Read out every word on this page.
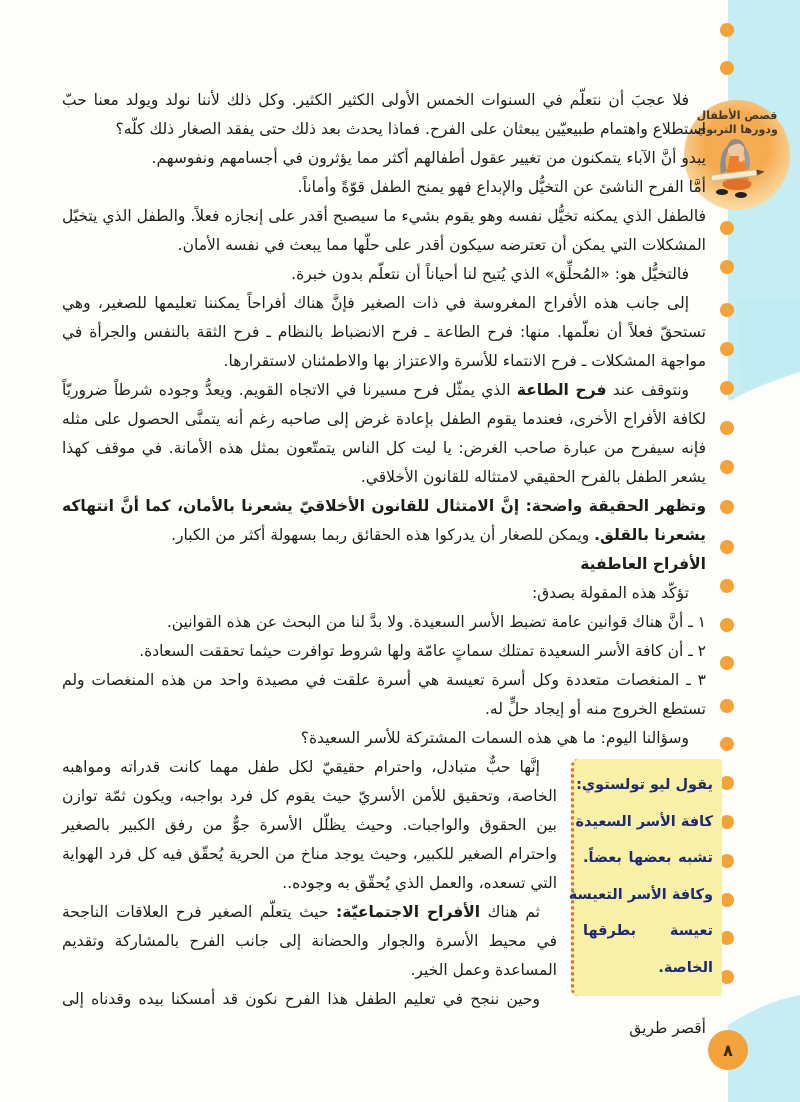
قصص الأطفال
ودورها التربوي

فلا عجبَ أن نتعلّم في السنوات الخمس الأولى الكثير الكثير. وكل ذلك لأننا نولد ويولد معنا حبّ استطلاع واهتمام طبيعيّين يبعثان على الفرح. فماذا يحدث بعد ذلك حتى يفقد الصغار ذلك كلّه؟

يبدو أنَّ الآباء يتمكنون من تغيير عقول أطفالهم أكثر مما يؤثرون في أجسامهم ونفوسهم.

أمَّا الفرح الناشئ عن التخيُّل والإبداع فهو يمنح الطفل قوّةً وأماناً.

فالطفل الذي يمكنه تخيُّل نفسه وهو يقوم بشيء ما سيصبح أقدر على إنجازه فعلاً. والطفل الذي يتخيّل المشكلات التي يمكن أن تعترضه سيكون أقدر على حلّها مما يبعث في نفسه الأمان.

فالتخيُّل هو: «المُحلِّق» الذي يُتيح لنا أحياناً أن نتعلّم بدون خبرة.

إلى جانب هذه الأفراح المغروسة في ذات الصغير فإنَّ هناك أفراحاً يمكننا تعليمها للصغير، وهي تستحقّ فعلاً أن نعلّمها. منها: فرح الطاعة ـ فرح الانضباط بالنظام ـ فرح الثقة بالنفس والجرأة في مواجهة المشكلات ـ فرح الانتماء للأسرة والاعتزاز بها والاطمئنان لاستقرارها.

ونتوقف عند فرح الطاعة الذي يمثّل فرح مسيرنا في الاتجاه القويم. ويعدُّ وجوده شرطاً ضروريّاً لكافة الأفراح الأخرى، فعندما يقوم الطفل بإعادة غرض إلى صاحبه رغم أنه يتمنَّى الحصول على مثله فإنه سيفرح من عبارة صاحب الغرض: يا ليت كل الناس يتمتّعون بمثل هذه الأمانة. في موقف كهذا يشعر الطفل بالفرح الحقيقي لامتثاله للقانون الأخلاقي.

وتظهر الحقيقة واضحة: إنَّ الامتثال للقانون الأخلاقيّ يشعرنا بالأمان، كما أنَّ انتهاكه يشعرنا بالقلق. ويمكن للصغار أن يدركوا هذه الحقائق ربما بسهولة أكثر من الكبار.

الأفراح العاطفية

تؤكّد هذه المقولة بصدق:

١ ـ أنَّ هناك قوانين عامة تضبط الأسر السعيدة. ولا بدَّ لنا من البحث عن هذه القوانين.

٢ ـ أن كافة الأسر السعيدة تمتلك سماتٍ عامّة ولها شروط توافرت حيثما تحققت السعادة.

٣ ـ المنغصات متعددة وكل أسرة تعيسة هي أسرة علقت في مصيدة واحد من هذه المنغصات ولم تستطع الخروج منه أو إيجاد حلٍّ له.

وسؤالنا اليوم: ما هي هذه السمات المشتركة للأسر السعيدة؟

يقول ليو تولستوي:
كافة الأسر السعيدة
تشبه بعضها بعضاً.
وكافة الأسر التعيسة
تعيسة بطرقها
الخاصة.

إنَّها حبٌّ متبادل، واحترام حقيقيّ لكل طفل مهما كانت قدراته ومواهبه الخاصة، وتحقيق للأمن الأسريّ حيث يقوم كل فرد بواجبه، ويكون ثمّة توازن بين الحقوق والواجبات. وحيث يظلّل الأسرة جوٌّ من رفق الكبير بالصغير واحترام الصغير للكبير، وحيث يوجد مناخ من الحرية يُحقّق فيه كل فرد الهواية التي تسعده، والعمل الذي يُحقّق به وجوده..

ثم هناك الأفراح الاجتماعيّة: حيث يتعلّم الصغير فرح العلاقات الناجحة في محيط الأسرة والجوار والحضانة إلى جانب الفرح بالمشاركة وتقديم المساعدة وعمل الخير.

وحين ننجح في تعليم الطفل هذا الفرح نكون قد أمسكنا بيده وقدناه إلى أقصر طريق

٨
